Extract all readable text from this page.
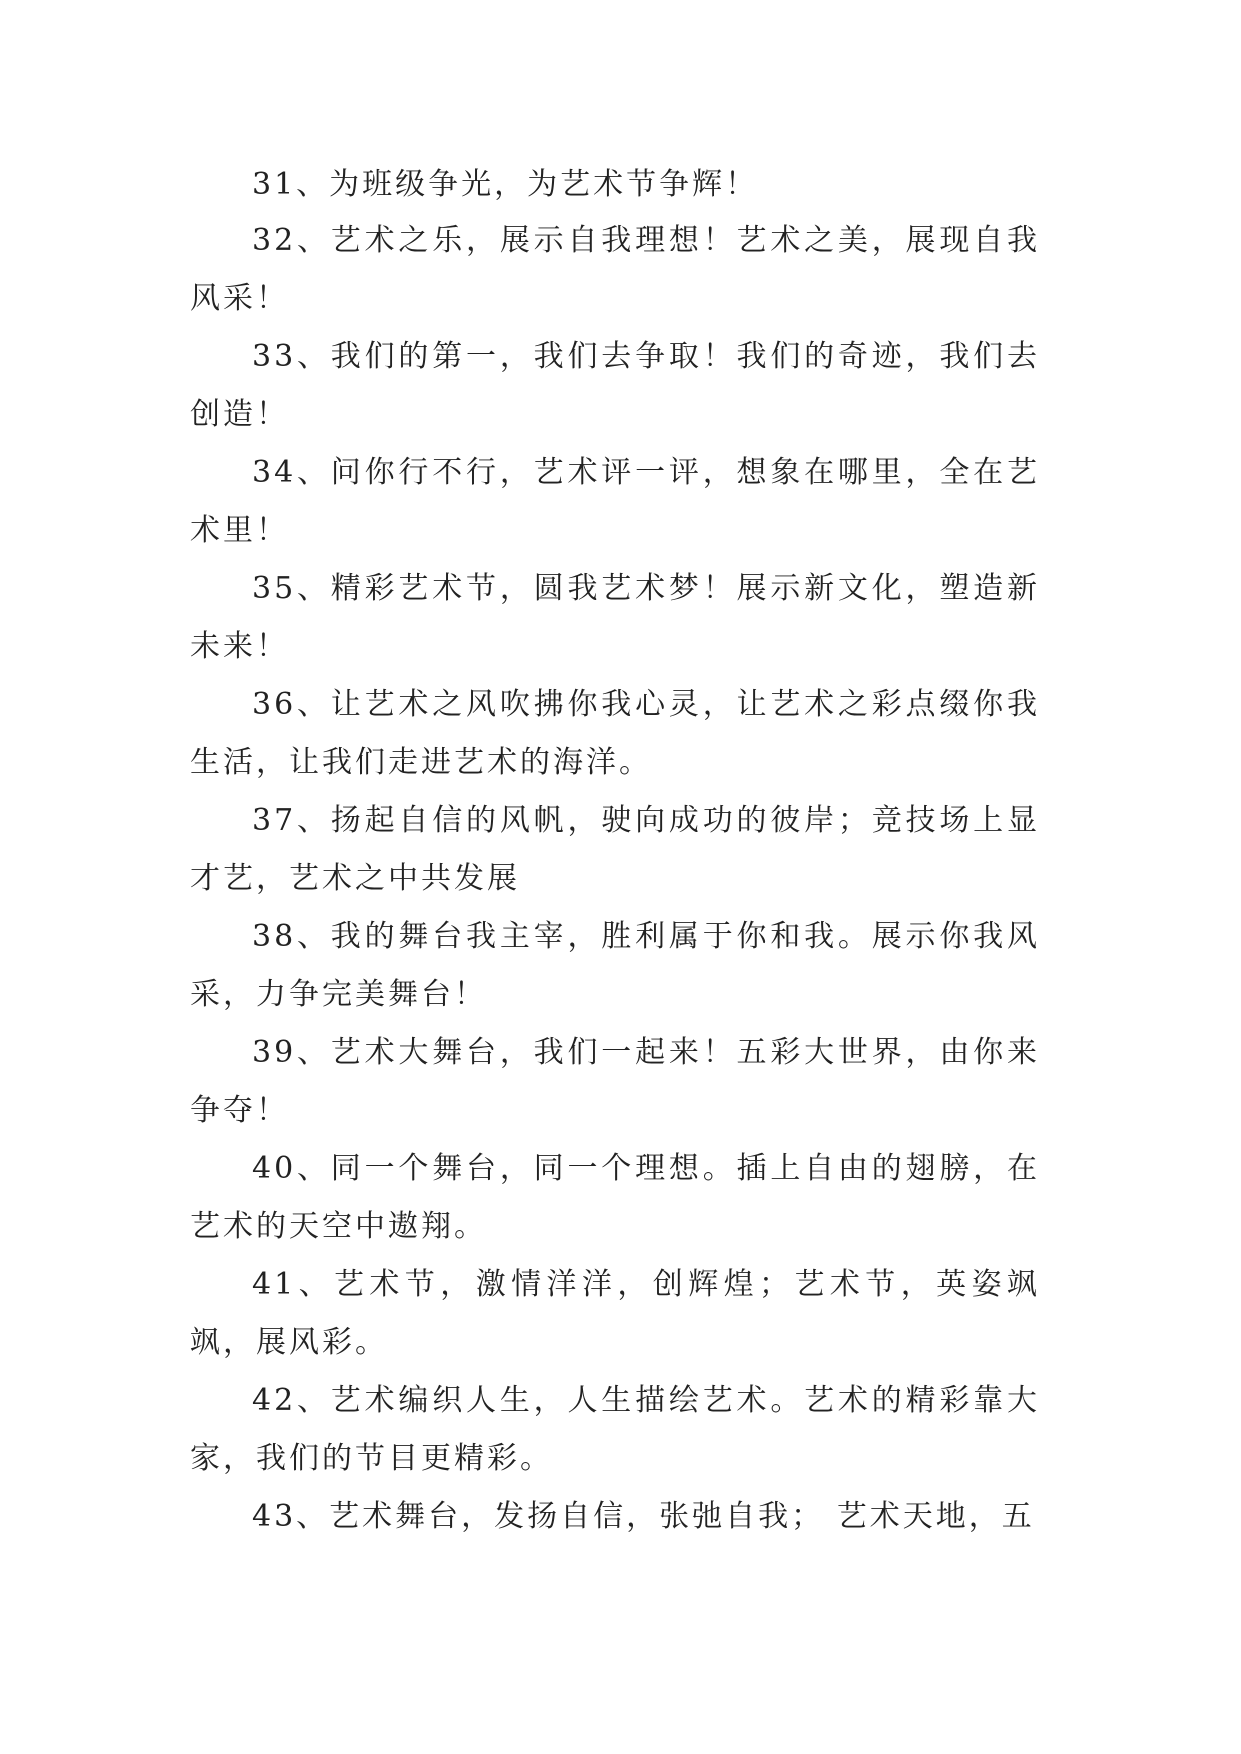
31、为班级争光，为艺术节争辉！

32、艺术之乐，展示自我理想！艺术之美，展现自我风采！

33、我们的第一，我们去争取！我们的奇迹，我们去创造！

34、问你行不行，艺术评一评，想象在哪里，全在艺术里！

35、精彩艺术节，圆我艺术梦！展示新文化，塑造新未来！

36、让艺术之风吹拂你我心灵，让艺术之彩点缀你我生活，让我们走进艺术的海洋。

37、扬起自信的风帆，驶向成功的彼岸；竞技场上显才艺，艺术之中共发展

38、我的舞台我主宰，胜利属于你和我。展示你我风采，力争完美舞台！

39、艺术大舞台，我们一起来！五彩大世界，由你来争夺！

40、同一个舞台，同一个理想。插上自由的翅膀，在艺术的天空中遨翔。

41、艺术节，激情洋洋，创辉煌；艺术节，英姿飒飒，展风彩。

42、艺术编织人生，人生描绘艺术。艺术的精彩靠大家，我们的节目更精彩。

43、艺术舞台，发扬自信，张弛自我； 艺术天地，五
